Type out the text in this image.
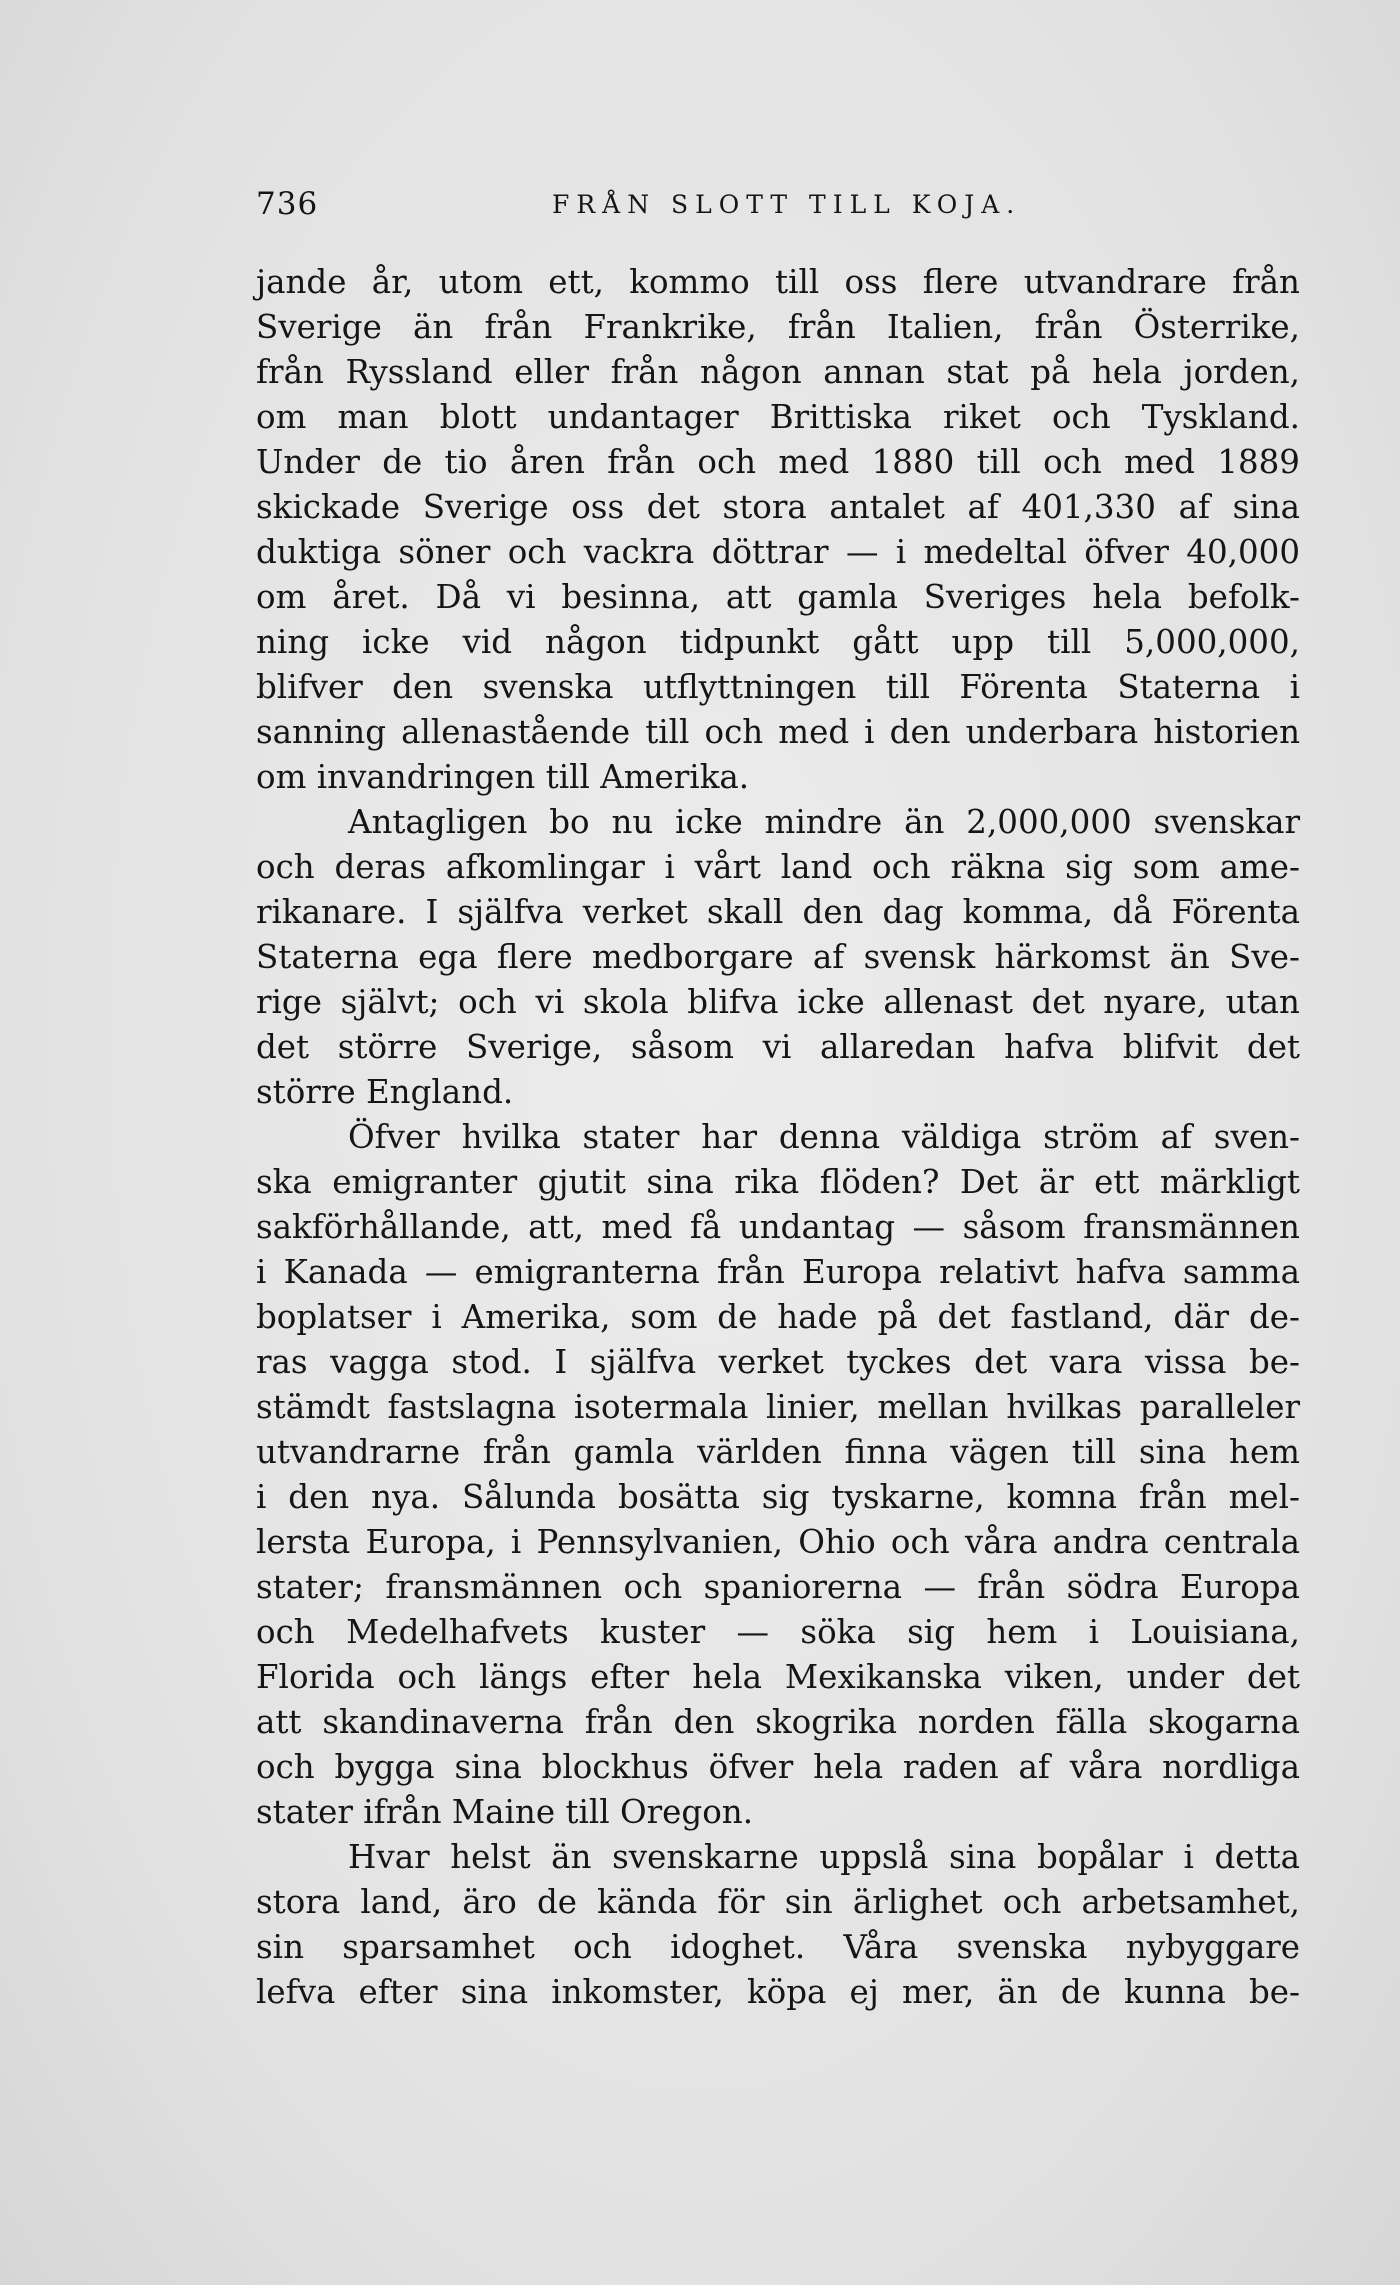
736	FRÅN SLOTT TILL KOJA.
jande år, utom ett, kommo till oss flere utvandrare från
Sverige än från Frankrike, från Italien, från Österrike,
från Ryssland eller från någon annan stat på hela jorden,
om man blott undantager Brittiska riket och Tyskland.
Under de tio åren från och med 1880 till och med 1889
skickade Sverige oss det stora antalet af 401,330 af sina
duktiga söner och vackra döttrar — i medeltal öfver 40,000
om året. Då vi besinna, att gamla Sveriges hela befolk-
ning icke vid någon tidpunkt gått upp till 5,000,000,
blifver den svenska utflyttningen till Förenta Staterna i
sanning allenastående till och med i den underbara historien
om invandringen till Amerika.
Antagligen bo nu icke mindre än 2,000,000 svenskar
och deras afkomlingar i vårt land och räkna sig som ame-
rikanare. I själfva verket skall den dag komma, då Förenta
Staterna ega flere medborgare af svensk härkomst än Sve-
rige självt; och vi skola blifva icke allenast det nyare, utan
det större Sverige, såsom vi allaredan hafva blifvit det
större England.
Öfver hvilka stater har denna väldiga ström af sven-
ska emigranter gjutit sina rika flöden? Det är ett märkligt
sakförhållande, att, med få undantag — såsom fransmännen
i Kanada — emigranterna från Europa relativt hafva samma
boplatser i Amerika, som de hade på det fastland, där de-
ras vagga stod. I själfva verket tyckes det vara vissa be-
stämdt fastslagna isotermala linier, mellan hvilkas paralleler
utvandrarne från gamla världen finna vägen till sina hem
i den nya. Sålunda bosätta sig tyskarne, komna från mel-
lersta Europa, i Pennsylvanien, Ohio och våra andra centrala
stater; fransmännen och spaniorerna — från södra Europa
och Medelhafvets kuster — söka sig hem i Louisiana,
Florida och längs efter hela Mexikanska viken, under det
att skandinaverna från den skogrika norden fälla skogarna
och bygga sina blockhus öfver hela raden af våra nordliga
stater ifrån Maine till Oregon.
Hvar helst än svenskarne uppslå sina bopålar i detta
stora land, äro de kända för sin ärlighet och arbetsamhet,
sin sparsamhet och idoghet. Våra svenska nybyggare
lefva efter sina inkomster, köpa ej mer, än de kunna be-
